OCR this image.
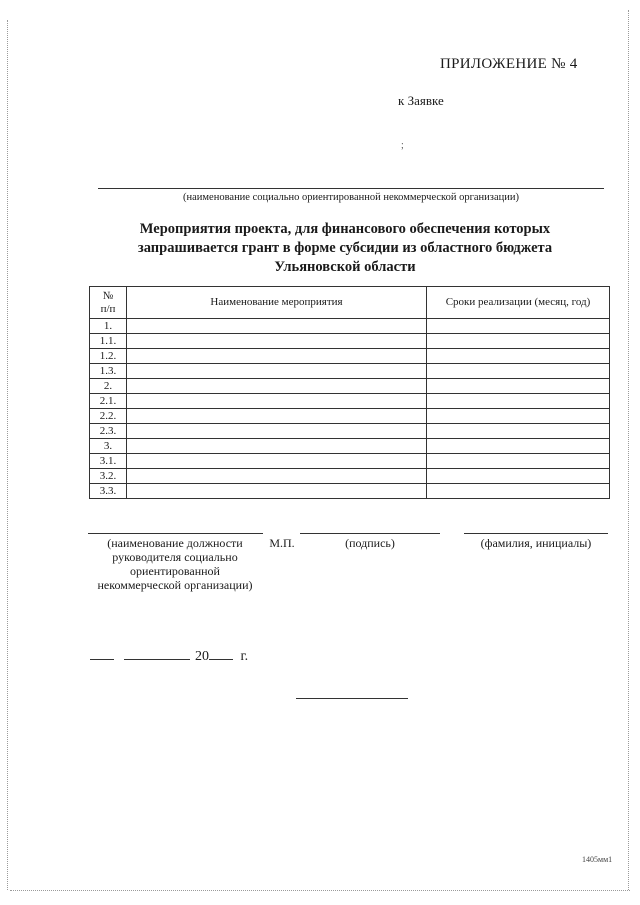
ПРИЛОЖЕНИЕ № 4
к Заявке
;
(наименование социально ориентированной некоммерческой организации)
Мероприятия проекта, для финансового обеспечения которых
запрашивается грант в форме субсидии из областного бюджета
Ульяновской области
№
п/п	Наименование мероприятия	Сроки реализации (месяц, год)
1.		
1.1.		
1.2.		
1.3.		
2.		
2.1.		
2.2.		
2.3.		
3.		
3.1.		
3.2.		
3.3.		
(наименование должности руководителя социально ориентированной некоммерческой организации)
М.П.	(подпись)	(фамилия, инициалы)
20 г.
1405мм1
